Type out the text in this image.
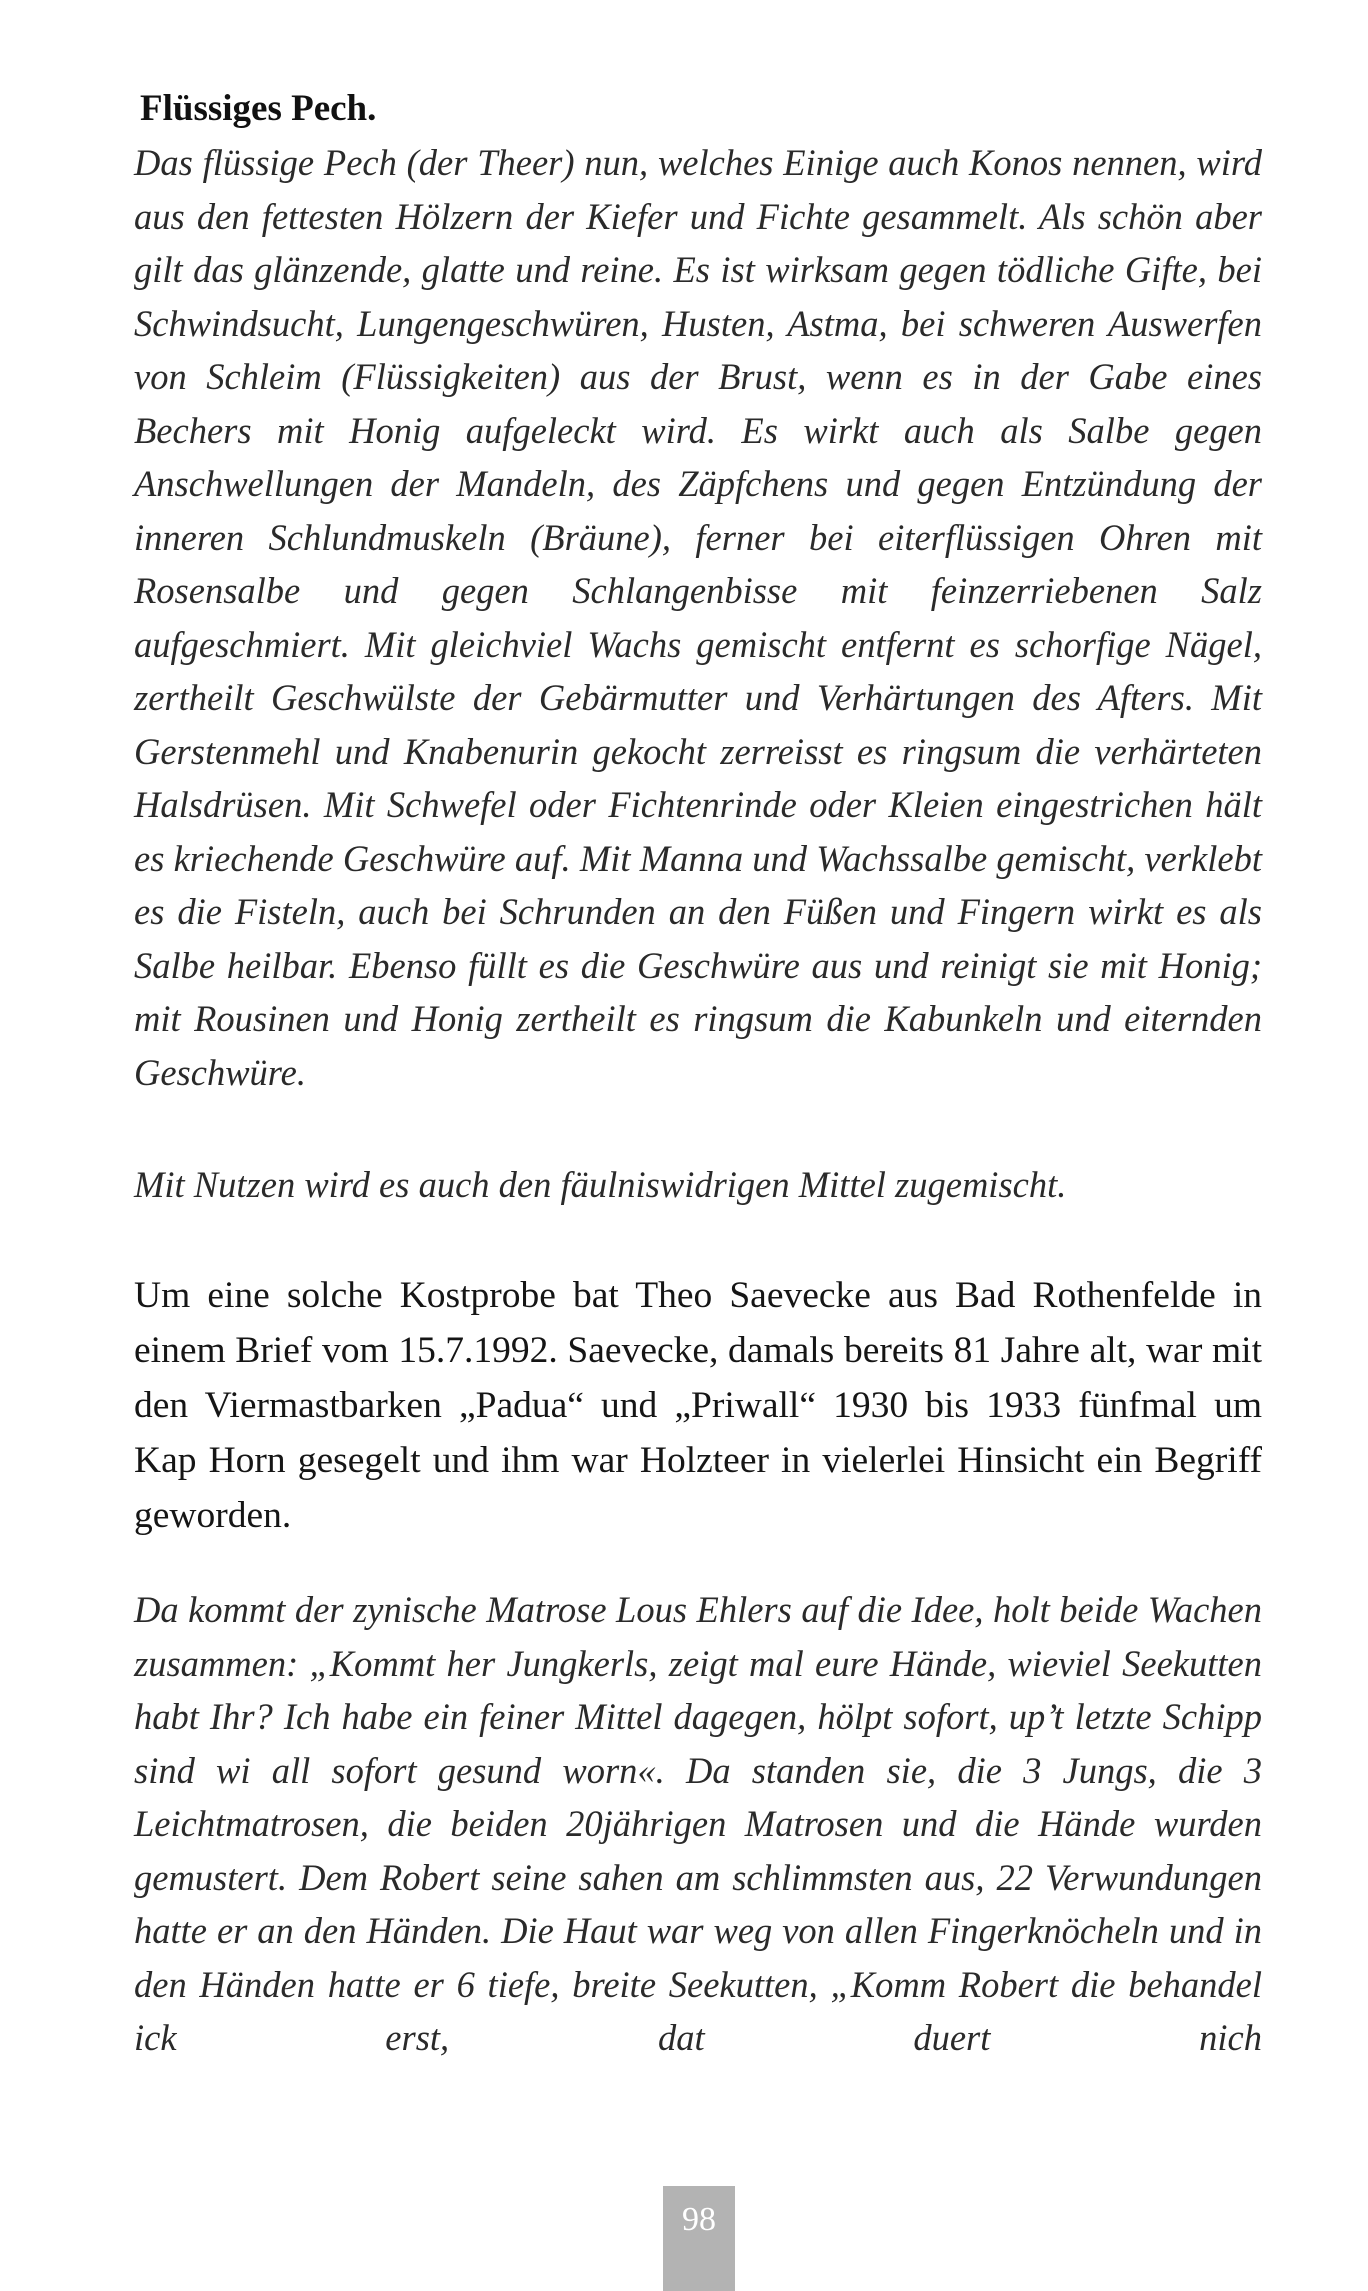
Flüssiges Pech.

Das flüssige Pech (der Theer) nun, welches Einige auch Konos nennen, wird aus den fettesten Hölzern der Kiefer und Fichte gesammelt. Als schön aber gilt das glänzende, glatte und reine. Es ist wirksam gegen tödliche Gifte, bei Schwindsucht, Lungengeschwüren, Husten, Astma, bei schweren Auswerfen von Schleim (Flüssigkeiten) aus der Brust, wenn es in der Gabe eines Bechers mit Honig aufgeleckt wird. Es wirkt auch als Salbe gegen Anschwellungen der Mandeln, des Zäpfchens und gegen Entzündung der inneren Schlundmuskeln (Bräune), ferner bei eiterflüssigen Ohren mit Rosensalbe und gegen Schlangenbisse mit feinzerriebenen Salz aufgeschmiert. Mit gleichviel Wachs gemischt entfernt es schorfige Nägel, zertheilt Geschwülste der Gebärmutter und Verhärtungen des Afters. Mit Gerstenmehl und Knabenurin gekocht zerreisst es ringsum die verhärteten Halsdrüsen. Mit Schwefel oder Fichtenrinde oder Kleien eingestrichen hält es kriechende Geschwüre auf. Mit Manna und Wachssalbe gemischt, verklebt es die Fisteln, auch bei Schrunden an den Füßen und Fingern wirkt es als Salbe heilbar. Ebenso füllt es die Geschwüre aus und reinigt sie mit Honig; mit Rousinen und Honig zertheilt es ringsum die Kabunkeln und eiternden Geschwüre.

Mit Nutzen wird es auch den fäulniswidrigen Mittel zugemischt.

Um eine solche Kostprobe bat Theo Saevecke aus Bad Rothenfelde in einem Brief vom 15.7.1992. Saevecke, damals bereits 81 Jahre alt, war mit den Viermastbarken „Padua“ und „Priwall“ 1930 bis 1933 fünfmal um Kap Horn gesegelt und ihm war Holzteer in vielerlei Hinsicht ein Begriff geworden.

Da kommt der zynische Matrose Lous Ehlers auf die Idee, holt beide Wachen zusammen: „Kommt her Jungkerls, zeigt mal eure Hände, wieviel Seekutten habt Ihr? Ich habe ein feiner Mittel dagegen, hölpt sofort, up’t letzte Schipp sind wi all sofort gesund worn«. Da standen sie, die 3 Jungs, die 3 Leichtmatrosen, die beiden 20jährigen Matrosen und die Hände wurden gemustert. Dem Robert seine sahen am schlimmsten aus, 22 Verwundungen hatte er an den Händen. Die Haut war weg von allen Fingerknöcheln und in den Händen hatte er 6 tiefe, breite Seekutten, „Komm Robert die behandel ick erst, dat duert nich

98
